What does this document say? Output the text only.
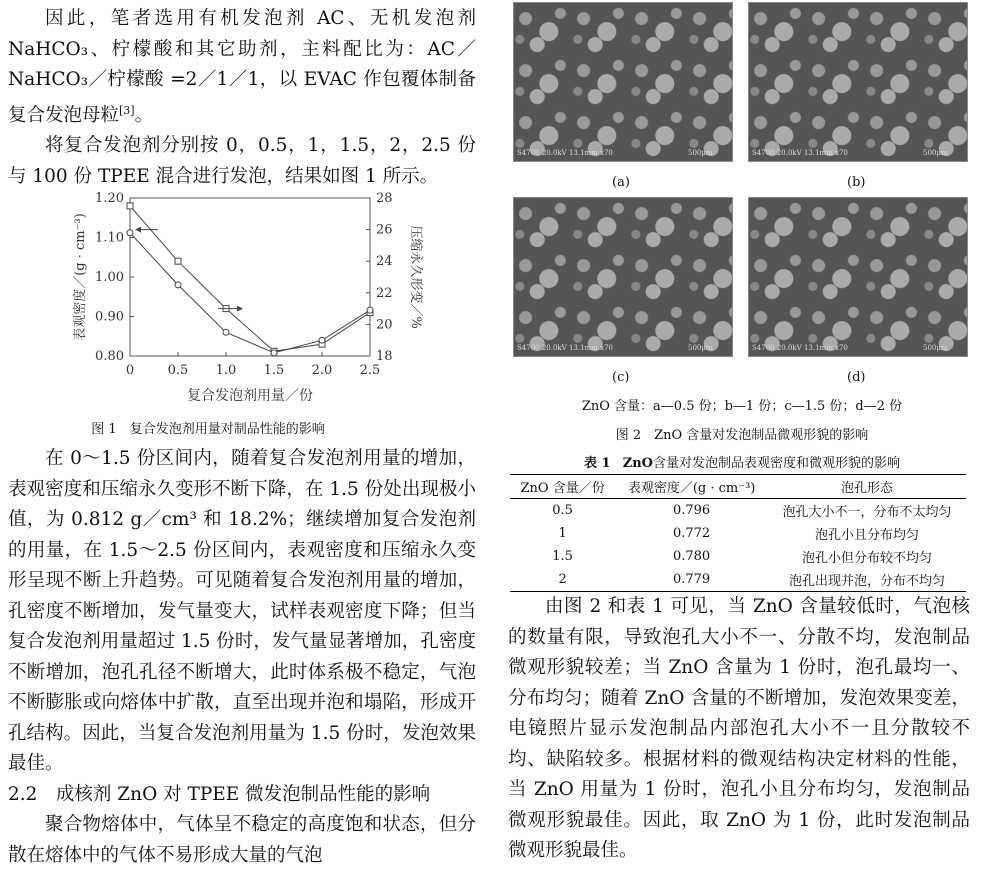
因此，笔者选用有机发泡剂 AC、无机发泡剂 NaHCO₃、柠檬酸和其它助剂，主料配比为：AC／NaHCO₃／柠檬酸 =2／1／1，以 EVAC 作包覆体制备复合发泡母粒[3]。

将复合发泡剂分别按 0，0.5，1，1.5，2，2.5 份与 100 份 TPEE 混合进行发泡，结果如图 1 所示。

0	0.5 1.0 1.5 2.0 2.5
0.80
0.90
1.00
1.10
1.20
18
20
22
24
26
28
复合发泡剂用量／份
表观密度／(g · cm⁻³)	压缩永久形变／%

图 1　复合发泡剂用量对制品性能的影响

在 0～1.5 份区间内，随着复合发泡剂用量的增加，表观密度和压缩永久变形不断下降，在 1.5 份处出现极小值，为 0.812 g／cm³ 和 18.2%；继续增加复合发泡剂的用量，在 1.5～2.5 份区间内，表观密度和压缩永久变形呈现不断上升趋势。可见随着复合发泡剂用量的增加，孔密度不断增加，发气量变大，试样表观密度下降；但当复合发泡剂用量超过 1.5 份时，发气量显著增加，孔密度不断增加，泡孔孔径不断增大，此时体系极不稳定，气泡不断膨胀或向熔体中扩散，直至出现并泡和塌陷，形成开孔结构。因此，当复合发泡剂用量为 1.5 份时，发泡效果最佳。

2.2　成核剂 ZnO 对 TPEE 微发泡制品性能的影响

聚合物熔体中，气体呈不稳定的高度饱和状态，但分散在熔体中的气体不易形成大量的气泡

S4700 20.0kV 13.1mm x70	500μm	S4700 20.0kV 13.1mm x70	500μm
S4700 20.0kV 13.1mm x70	500μm	S4700 20.0kV 13.1mm x70	500μm
(a)	(b)
(c)	(d)

ZnO 含量：a—0.5 份；b—1 份；c—1.5 份；d—2 份

图 2　ZnO 含量对发泡制品微观形貌的影响

表 1 ZnO含量对发泡制品表观密度和微观形貌的影响

ZnO 含量／份	表观密度／(g · cm⁻³)	泡孔形态
0.5	0.796	泡孔大小不一，分布不太均匀
1	0.772	泡孔小且分布均匀
1.5	0.780	泡孔小但分布较不均匀
2	0.779	泡孔出现并泡，分布不均匀

由图 2 和表 1 可见，当 ZnO 含量较低时，气泡核的数量有限，导致泡孔大小不一、分散不均，发泡制品微观形貌较差；当 ZnO 含量为 1 份时，泡孔最均一、分布均匀；随着 ZnO 含量的不断增加，发泡效果变差，电镜照片显示发泡制品内部泡孔大小不一且分散较不均、缺陷较多。根据材料的微观结构决定材料的性能，当 ZnO 用量为 1 份时，泡孔小且分布均匀，发泡制品微观形貌最佳。因此，取 ZnO 为 1 份，此时发泡制品微观形貌最佳。
